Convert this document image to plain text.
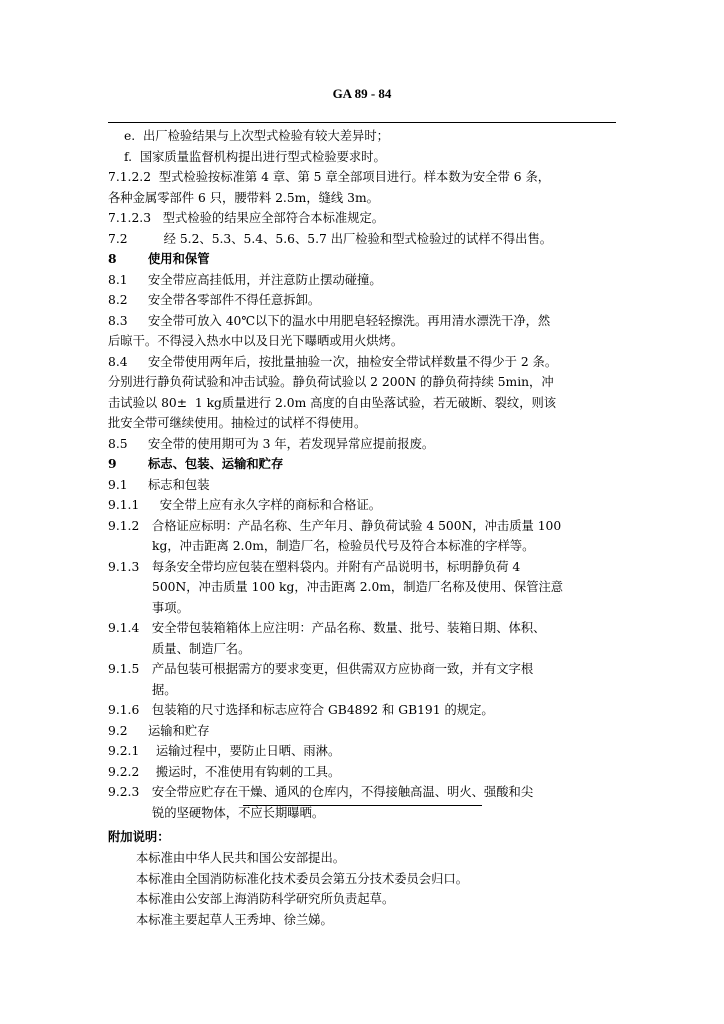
GA 89 - 84
e.  出厂检验结果与上次型式检验有较大差异时；
f.  国家质量监督机构提出进行型式检验要求时。
7.1.2.2  型式检验按标准第 4 章、第 5 章全部项目进行。样本数为安全带 6 条，
各种金属零部件 6 只，腰带料 2.5m，缝线 3m。
7.1.2.3   型式检验的结果应全部符合本标准规定。
7.2    经 5.2、5.3、5.4、5.6、5.7 出厂检验和型式检验过的试样不得出售。
8	使用和保管
8.1 安全带应高挂低用，并注意防止摆动碰撞。
8.2 安全带各零部件不得任意拆卸。
8.3 安全带可放入 40℃以下的温水中用肥皂轻轻擦洗。再用清水漂洗干净，然
后晾干。不得浸入热水中以及日光下曝晒或用火烘烤。
8.4 安全带使用两年后，按批量抽验一次，抽检安全带试样数量不得少于 2 条。
分别进行静负荷试验和冲击试验。静负荷试验以 2 200N 的静负荷持续 5min，冲
击试验以 80±  1 kg质量进行 2.0m 高度的自由坠落试验，若无破断、裂纹，则该
批安全带可继续使用。抽检过的试样不得使用。
8.5 安全带的使用期可为 3 年，若发现异常应提前报废。
9	标志、包装、运输和贮存
9.1 标志和包装
9.1.1   安全带上应有永久字样的商标和合格证。
9.1.2 合格证应标明：产品名称、生产年月、静负荷试验 4 500N，冲击质量 100
kg，冲击距离 2.0m，制造厂名，检验员代号及符合本标准的字样等。
9.1.3 每条安全带均应包装在塑料袋内。并附有产品说明书，标明静负荷 4
500N，冲击质量 100 kg，冲击距离 2.0m，制造厂名称及使用、保管注意
事项。
9.1.4 安全带包装箱箱体上应注明：产品名称、数量、批号、装箱日期、体积、
质量、制造厂名。
9.1.5 产品包装可根据需方的要求变更，但供需双方应协商一致，并有文字根
据。
9.1.6 包装箱的尺寸选择和标志应符合 GB4892 和 GB191 的规定。
9.2 运输和贮存
9.2.1  运输过程中，要防止日晒、雨淋。
9.2.2  搬运时，不准使用有钩刺的工具。
9.2.3 安全带应贮存在干燥、通风的仓库内，不得接触高温、明火、强酸和尖
锐的坚硬物体，不应长期曝晒。
附加说明：
本标准由中华人民共和国公安部提出。
本标准由全国消防标准化技术委员会第五分技术委员会归口。
本标准由公安部上海消防科学研究所负责起草。
本标准主要起草人王秀坤、徐兰娣。
